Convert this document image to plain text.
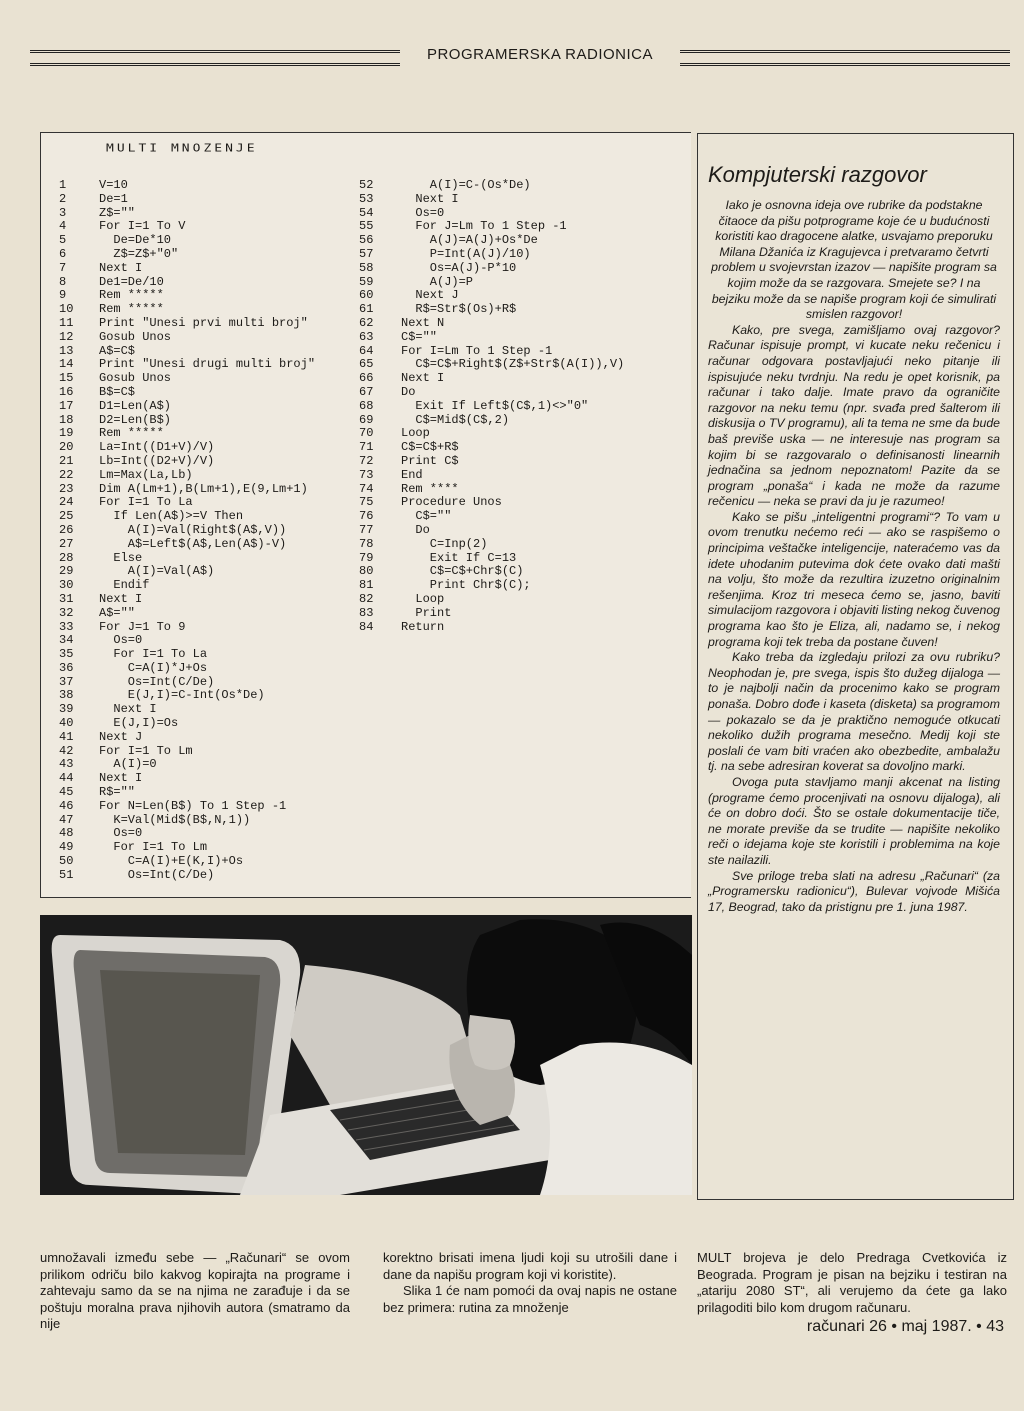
PROGRAMERSKA RADIONICA
MULTI MNOZENJE
1	V=10
2	De=1
3	Z$=""
4	For I=1 To V
5	De=De*10
6	Z$=Z$+"0"
7	Next I
8	De1=De/10
9	Rem *****
10	Rem *****
11	Print "Unesi prvi multi broj"
12	Gosub Unos
13	A$=C$
14	Print "Unesi drugi multi broj"
15	Gosub Unos
16	B$=C$
17	D1=Len(A$)
18	D2=Len(B$)
19	Rem *****
20	La=Int((D1+V)/V)
21	Lb=Int((D2+V)/V)
22	Lm=Max(La,Lb)
23	Dim A(Lm+1),B(Lm+1),E(9,Lm+1)
24	For I=1 To La
25	If Len(A$)>=V Then
26	A(I)=Val(Right$(A$,V))
27	A$=Left$(A$,Len(A$)-V)
28	Else
29	A(I)=Val(A$)
30	Endif
31	Next I
32	A$=""
33	For J=1 To 9
34	Os=0
35	For I=1 To La
36	C=A(I)*J+Os
37	Os=Int(C/De)
38	E(J,I)=C-Int(Os*De)
39	Next I
40	E(J,I)=Os
41	Next J
42	For I=1 To Lm
43	A(I)=0
44	Next I
45	R$=""
46	For N=Len(B$) To 1 Step -1
47	K=Val(Mid$(B$,N,1))
48	Os=0
49	For I=1 To Lm
50	C=A(I)+E(K,I)+Os
51	Os=Int(C/De)
52	A(I)=C-(Os*De)
53	Next I
54	Os=0
55	For J=Lm To 1 Step -1
56	A(J)=A(J)+Os*De
57	P=Int(A(J)/10)
58	Os=A(J)-P*10
59	A(J)=P
60	Next J
61	R$=Str$(Os)+R$
62	Next N
63	C$=""
64	For I=Lm To 1 Step -1
65	C$=C$+Right$(Z$+Str$(A(I)),V)
66	Next I
67	Do
68	Exit If Left$(C$,1)<>"0"
69	C$=Mid$(C$,2)
70	Loop
71	C$=C$+R$
72	Print C$
73	End
74	Rem ****
75	Procedure Unos
76	C$=""
77	Do
78	C=Inp(2)
79	Exit If C=13
80	C$=C$+Chr$(C)
81	Print Chr$(C);
82	Loop
83	Print
84	Return
Kompjuterski razgovor

Iako je osnovna ideja ove rubrike da podstakne čitaoce da pišu potprograme koje će u budućnosti koristiti kao dragocene alatke, usvajamo preporuku Milana Džanića iz Kragujevca i pretvaramo četvrti problem u svojevrstan izazov — napišite program sa kojim može da se razgovara. Smejete se? I na bejziku može da se napiše program koji će simulirati smislen razgovor!

Kako, pre svega, zamišljamo ovaj razgovor? Računar ispisuje prompt, vi kucate neku rečenicu i računar odgovara postavljajući neko pitanje ili ispisujuće neku tvrdnju. Na redu je opet korisnik, pa računar i tako dalje. Imate pravo da ograničite razgovor na neku temu (npr. svađa pred šalterom ili diskusija o TV programu), ali ta tema ne sme da bude baš previše uska — ne interesuje nas program sa kojim bi se razgovaralo o definisanosti linearnih jednačina sa jednom nepoznatom! Pazite da se program „ponaša“ i kada ne može da razume rečenicu — neka se pravi da ju je razumeo!

Kako se pišu „inteligentni programi“? To vam u ovom trenutku nećemo reći — ako se raspišemo o principima veštačke inteligencije, nateraćemo vas da idete uhodanim putevima dok ćete ovako dati mašti na volju, što može da rezultira izuzetno originalnim rešenjima. Kroz tri meseca ćemo se, jasno, baviti simulacijom razgovora i objaviti listing nekog čuvenog programa kao što je Eliza, ali, nadamo se, i nekog programa koji tek treba da postane čuven!

Kako treba da izgledaju prilozi za ovu rubriku? Neophodan je, pre svega, ispis što dužeg dijaloga — to je najbolji način da procenimo kako se program ponaša. Dobro dođe i kaseta (disketa) sa programom — pokazalo se da je praktično nemoguće otkucati nekoliko dužih programa mesečno. Medij koji ste poslali će vam biti vraćen ako obezbedite, ambalažu tj. na sebe adresiran koverat sa dovoljno marki.

Ovoga puta stavljamo manji akcenat na listing (programe ćemo procenjivati na osnovu dijaloga), ali će on dobro doći. Što se ostale dokumentacije tiče, ne morate previše da se trudite — napišite nekoliko reči o idejama koje ste koristili i problemima na koje ste nailazili.

Sve priloge treba slati na adresu „Računari“ (za „Programersku radionicu“), Bulevar vojvode Mišića 17, Beograd, tako da pristignu pre 1. juna 1987.

umnožavali između sebe — „Računari“ se ovom prilikom odriču bilo kakvog kopirajta na programe i zahtevaju samo da se na njima ne zarađuje i da se poštuju moralna prava njihovih autora (smatramo da nije

korektno brisati imena ljudi koji su utrošili dane i dane da napišu program koji vi koristite).

Slika 1 će nam pomoći da ovaj napis ne ostane bez primera: rutina za množenje

MULT brojeva je delo Predraga Cvetkovića iz Beograda. Program je pisan na bejziku i testiran na „atariju 2080 ST“, ali verujemo da ćete ga lako prilagoditi bilo kom drugom računaru.

računari 26 • maj 1987. • 43
